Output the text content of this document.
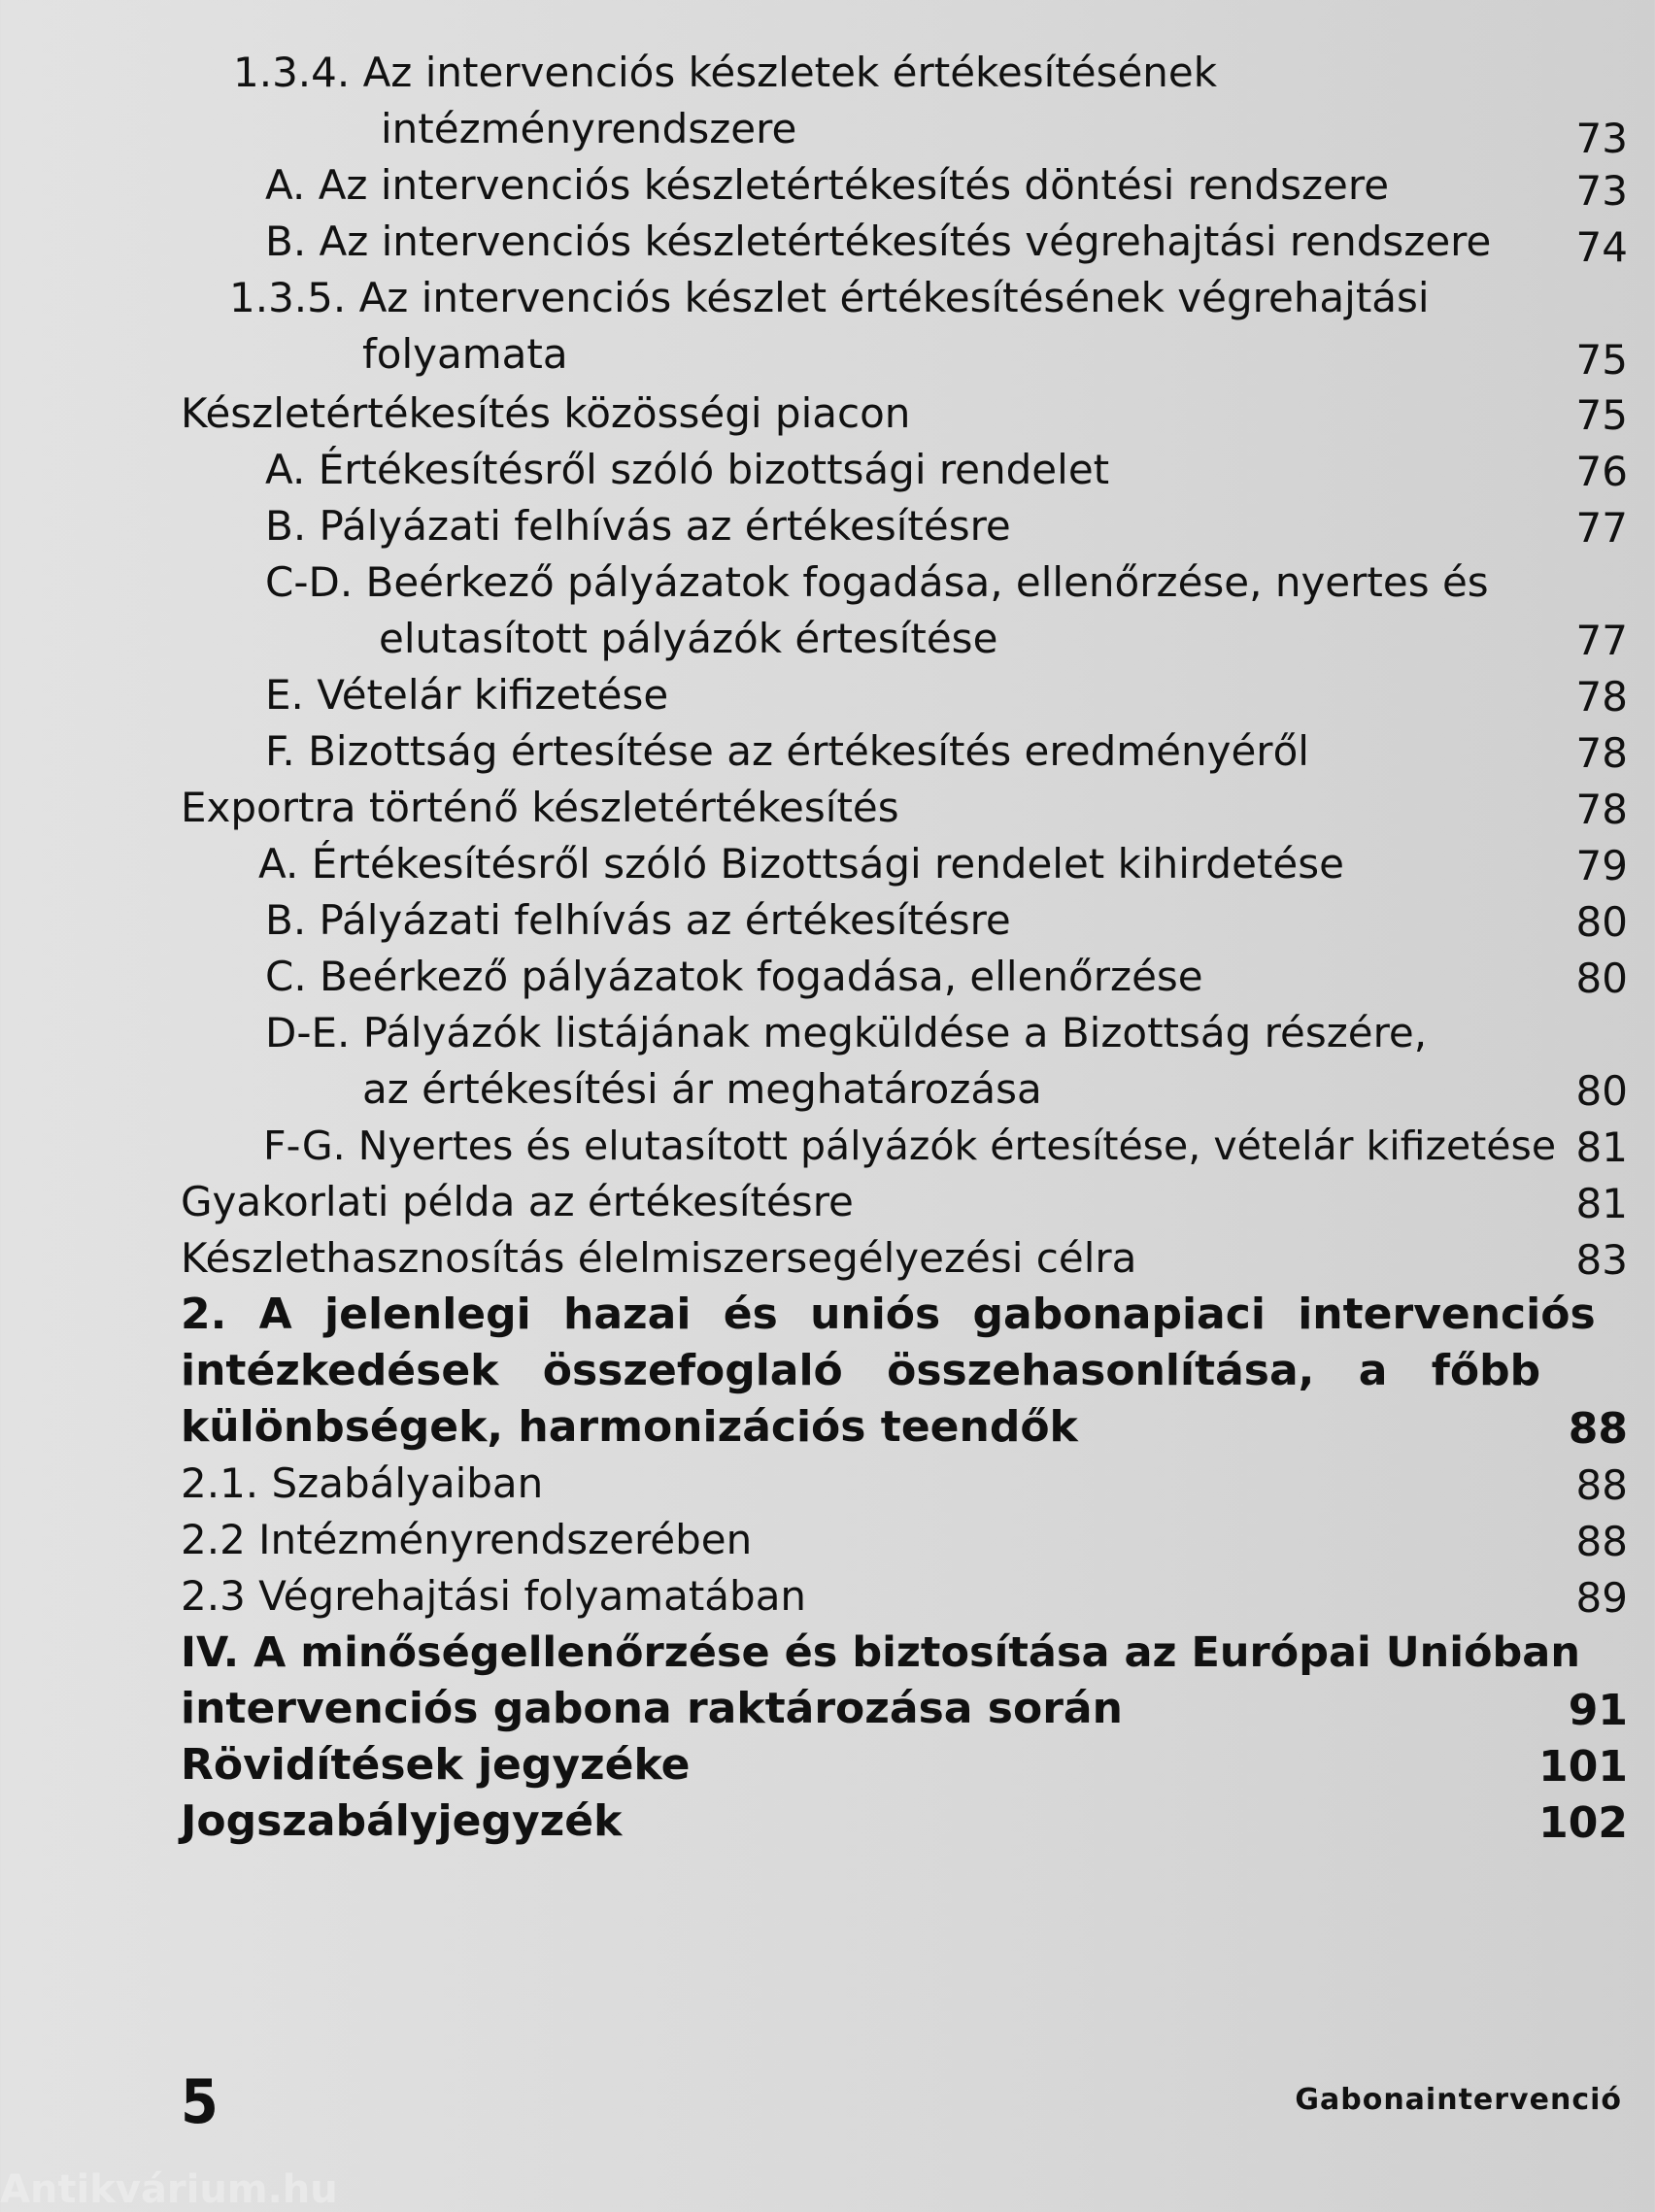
1.3.4. Az intervenciós készletek értékesítésének
intézményrendszere	73
A. Az intervenciós készletértékesítés döntési rendszere	73
B. Az intervenciós készletértékesítés végrehajtási rendszere 74
1.3.5. Az intervenciós készlet értékesítésének végrehajtási
folyamata	75
Készletértékesítés közösségi piacon	75
A. Értékesítésről szóló bizottsági rendelet	76
B. Pályázati felhívás az értékesítésre	77
C-D. Beérkező pályázatok fogadása, ellenőrzése, nyertes és
elutasított pályázók értesítése	77
E. Vételár kifizetése	78
F. Bizottság értesítése az értékesítés eredményéről	78
Exportra történő készletértékesítés	78
A. Értékesítésről szóló Bizottsági rendelet kihirdetése	79
B. Pályázati felhívás az értékesítésre	80
C. Beérkező pályázatok fogadása, ellenőrzése	80
D-E. Pályázók listájának megküldése a Bizottság részére,
az értékesítési ár meghatározása	80
F-G. Nyertes és elutasított pályázók értesítése, vételár kifizetése 81
Gyakorlati példa az értékesítésre	81
Készlethasznosítás élelmiszersegélyezési célra	83
2. A jelenlegi hazai és uniós gabonapiaci intervenciós
intézkedések összefoglaló összehasonlítása, a főbb
különbségek, harmonizációs teendők	88
2.1. Szabályaiban	88
2.2 Intézményrendszerében	88
2.3 Végrehajtási folyamatában	89
IV. A minőségellenőrzése és biztosítása az Európai Unióban
intervenciós gabona raktározása során	91
Rövidítések jegyzéke	101
Jogszabályjegyzék	102
5	Gabonaintervenció
Antikvárium.hu
